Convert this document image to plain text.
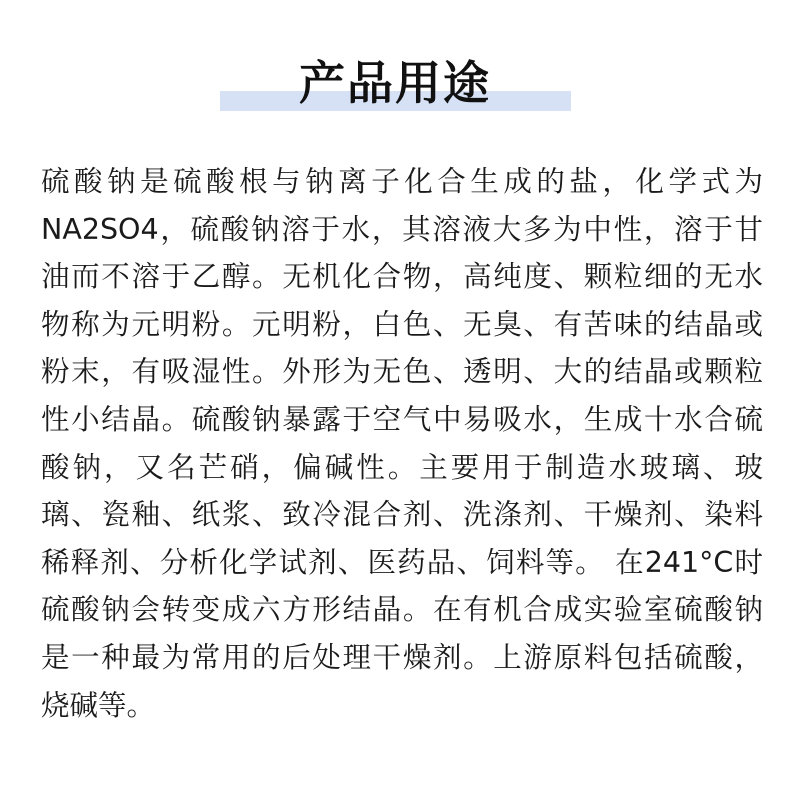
产品用途
硫酸钠是硫酸根与钠离子化合生成的盐，化学式为
NA2SO4，硫酸钠溶于水，其溶液大多为中性，溶于甘
油而不溶于乙醇。无机化合物，高纯度、颗粒细的无水
物称为元明粉。元明粉，白色、无臭、有苦味的结晶或
粉末，有吸湿性。外形为无色、透明、大的结晶或颗粒
性小结晶。硫酸钠暴露于空气中易吸水，生成十水合硫
酸钠，又名芒硝，偏碱性。主要用于制造水玻璃、玻
璃、瓷釉、纸浆、致冷混合剂、洗涤剂、干燥剂、染料
稀释剂、分析化学试剂、医药品、饲料等。 在241°C时
硫酸钠会转变成六方形结晶。在有机合成实验室硫酸钠
是一种最为常用的后处理干燥剂。上游原料包括硫酸，
烧碱等。
